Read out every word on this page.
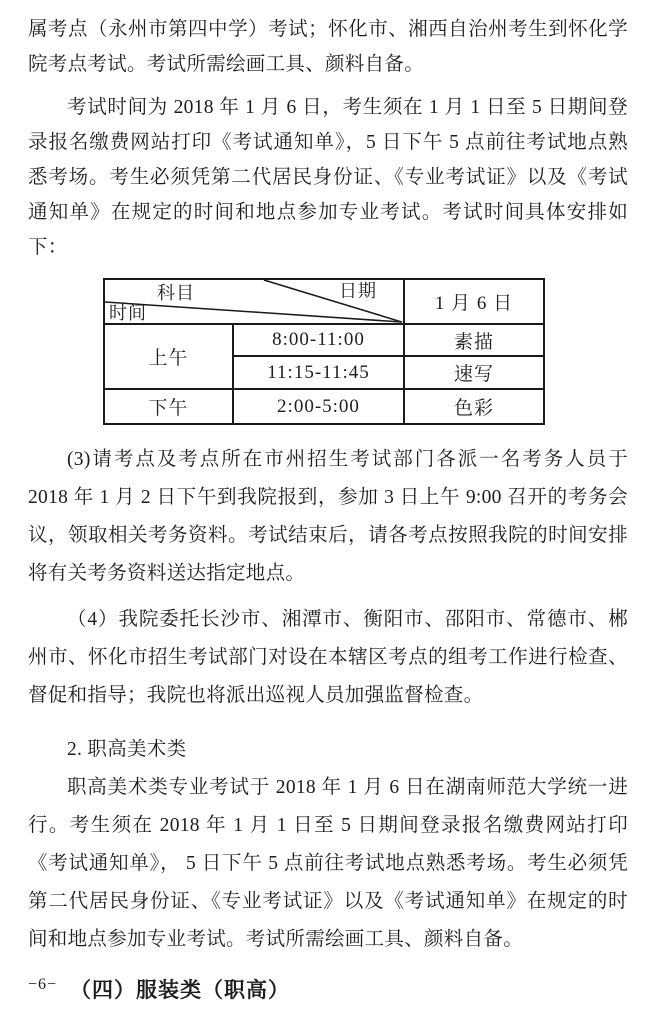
属考点（永州市第四中学）考试；怀化市、湘西自治州考生到怀化学院考点考试。考试所需绘画工具、颜料自备。

考试时间为 2018 年 1 月 6 日，考生须在 1 月 1 日至 5 日期间登录报名缴费网站打印《考试通知单》，5 日下午 5 点前往考试地点熟悉考场。考生必须凭第二代居民身份证、《专业考试证》以及《考试通知单》在规定的时间和地点参加专业考试。考试时间具体安排如下：

科目 日期
时间		1 月 6 日
上午	8:00-11:00	素描
	11:15-11:45	速写
下午	2:00-5:00	色彩

(3)请考点及考点所在市州招生考试部门各派一名考务人员于 2018 年 1 月 2 日下午到我院报到，参加 3 日上午 9:00 召开的考务会议，领取相关考务资料。考试结束后，请各考点按照我院的时间安排将有关考务资料送达指定地点。

（4）我院委托长沙市、湘潭市、衡阳市、邵阳市、常德市、郴州市、怀化市招生考试部门对设在本辖区考点的组考工作进行检查、督促和指导；我院也将派出巡视人员加强监督检查。

2. 职高美术类

职高美术类专业考试于 2018 年 1 月 6 日在湖南师范大学统一进行。考生须在 2018 年 1 月 1 日至 5 日期间登录报名缴费网站打印《考试通知单》， 5 日下午 5 点前往考试地点熟悉考场。考生必须凭第二代居民身份证、《专业考试证》以及《考试通知单》在规定的时间和地点参加专业考试。考试所需绘画工具、颜料自备。

（四）服装类（职高）

−6−
